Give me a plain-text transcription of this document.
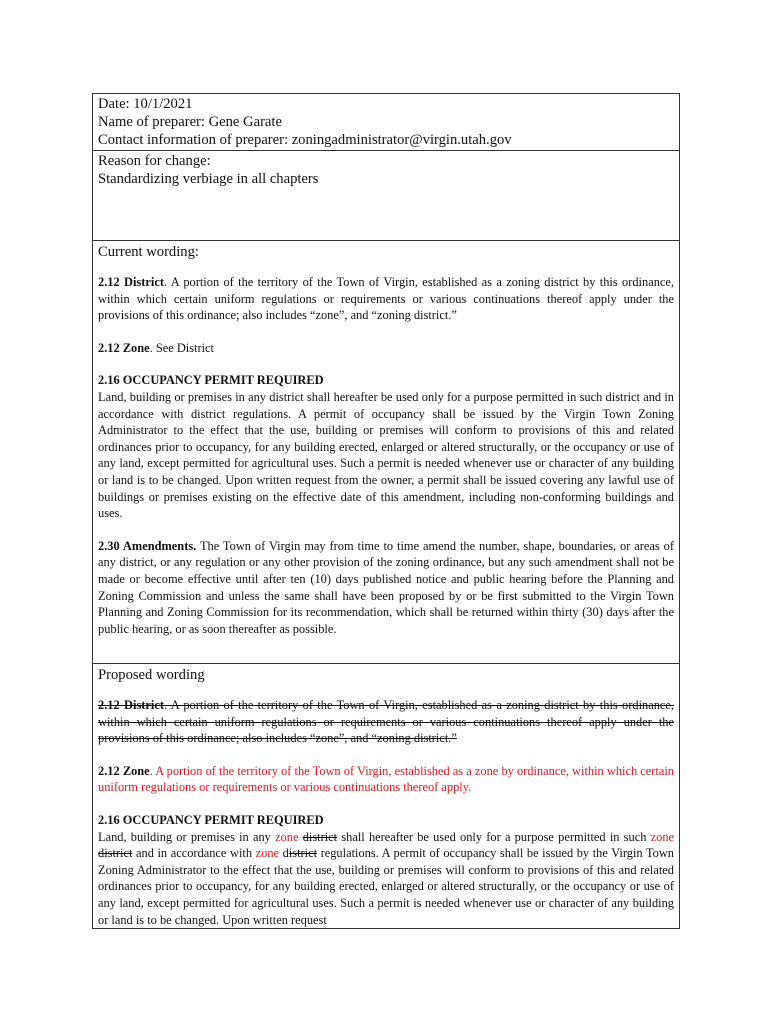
Date: 10/1/2021
Name of preparer: Gene Garate
Contact information of preparer: zoningadministrator@virgin.utah.gov
Reason for change:
Standardizing verbiage in all chapters
Current wording:

2.12 District. A portion of the territory of the Town of Virgin, established as a zoning district by this ordinance, within which certain uniform regulations or requirements or various continuations thereof apply under the provisions of this ordinance; also includes “zone”, and “zoning district.”

2.12 Zone. See District

2.16 OCCUPANCY PERMIT REQUIRED
Land, building or premises in any district shall hereafter be used only for a purpose permitted in such district and in accordance with district regulations. A permit of occupancy shall be issued by the Virgin Town Zoning Administrator to the effect that the use, building or premises will conform to provisions of this and related ordinances prior to occupancy, for any building erected, enlarged or altered structurally, or the occupancy or use of any land, except permitted for agricultural uses. Such a permit is needed whenever use or character of any building or land is to be changed. Upon written request from the owner, a permit shall be issued covering any lawful use of buildings or premises existing on the effective date of this amendment, including non-conforming buildings and uses.

2.30 Amendments. The Town of Virgin may from time to time amend the number, shape, boundaries, or areas of any district, or any regulation or any other provision of the zoning ordinance, but any such amendment shall not be made or become effective until after ten (10) days published notice and public hearing before the Planning and Zoning Commission and unless the same shall have been proposed by or be first submitted to the Virgin Town Planning and Zoning Commission for its recommendation, which shall be returned within thirty (30) days after the public hearing, or as soon thereafter as possible.

Proposed wording

2.12 District. A portion of the territory of the Town of Virgin, established as a zoning district by this ordinance, within which certain uniform regulations or requirements or various continuations thereof apply under the provisions of this ordinance; also includes “zone”, and “zoning district.”

2.12 Zone. A portion of the territory of the Town of Virgin, established as a zone by ordinance, within which certain uniform regulations or requirements or various continuations thereof apply.

2.16 OCCUPANCY PERMIT REQUIRED
Land, building or premises in any zone district shall hereafter be used only for a purpose permitted in such zone district and in accordance with zone district regulations. A permit of occupancy shall be issued by the Virgin Town Zoning Administrator to the effect that the use, building or premises will conform to provisions of this and related ordinances prior to occupancy, for any building erected, enlarged or altered structurally, or the occupancy or use of any land, except permitted for agricultural uses. Such a permit is needed whenever use or character of any building or land is to be changed. Upon written request
